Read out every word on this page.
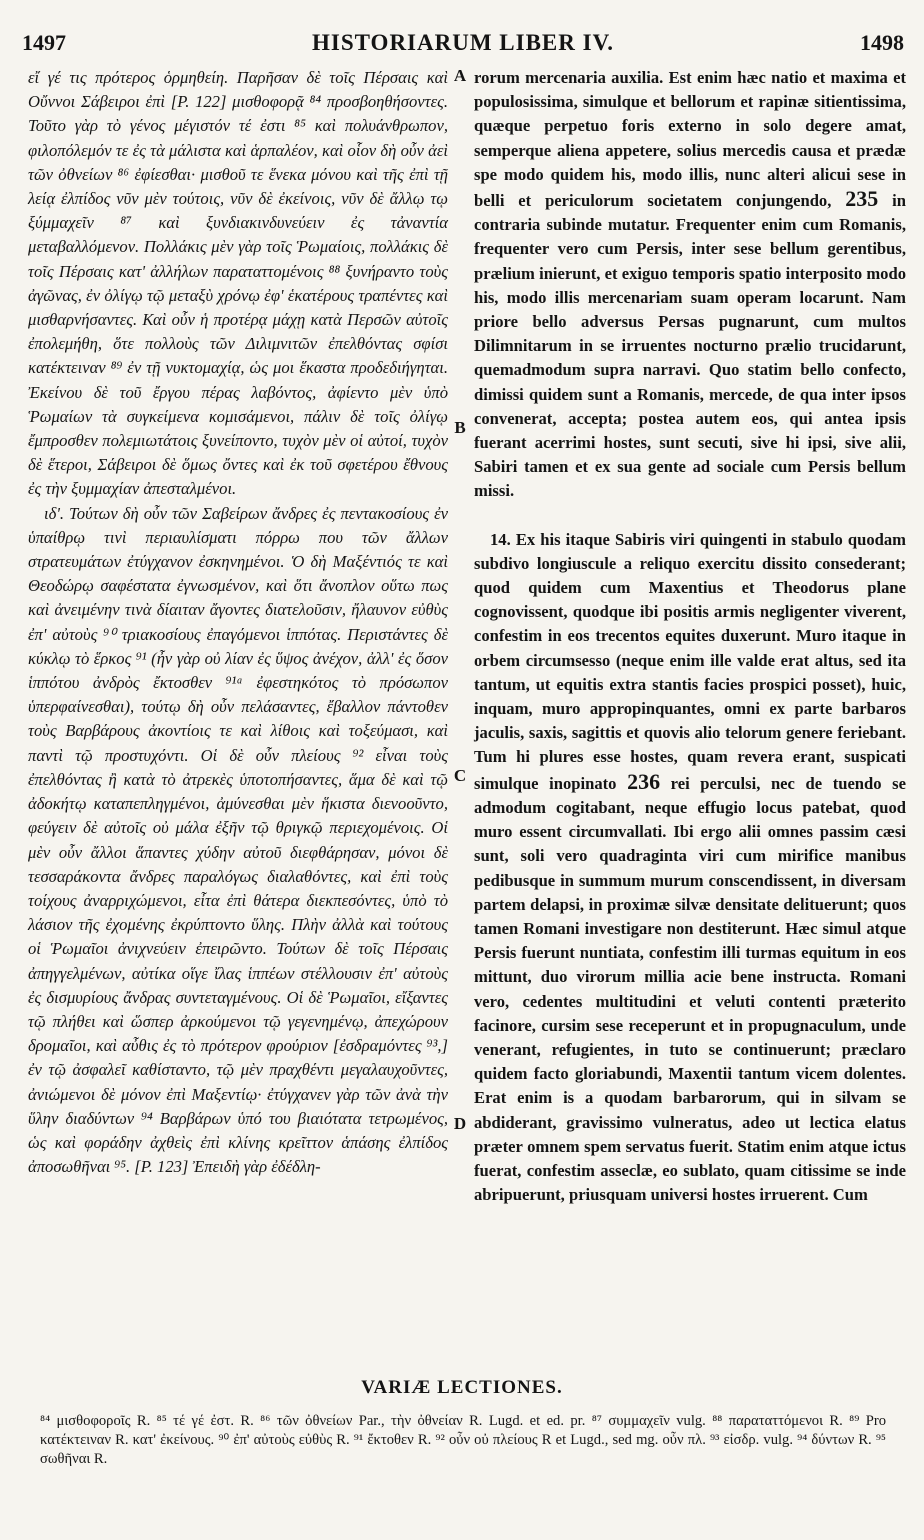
1497	HISTORIARUM LIBER IV.	1498

εἴ γέ τις πρότερος ὁρμηθείη. Παρῆσαν δὲ τοῖς Πέρσαις καὶ Οὔννοι Σάβειροι ἐπὶ [P. 122] μισθοφορᾷ ⁸⁴ προσβοηθήσοντες. Τοῦτο γὰρ τὸ γένος μέγιστόν τέ ἐστι ⁸⁵ καὶ πολυάνθρωπον, φιλοπόλεμόν τε ἐς τὰ μάλιστα καὶ ἁρπαλέον, καὶ οἷον δὴ οὖν ἀεὶ τῶν ὀθνείων ⁸⁶ ἐφίεσθαι· μισθοῦ τε ἕνεκα μόνου καὶ τῆς ἐπὶ τῇ λείᾳ ἐλπίδος νῦν μὲν τούτοις, νῦν δὲ ἐκείνοις, νῦν δὲ ἄλλῳ τῳ ξύμμαχεῖν ⁸⁷ καὶ ξυνδιακινδυνεύειν ἐς τἀναντία μεταβαλλόμενον. Πολλάκις μὲν γὰρ τοῖς Ῥωμαίοις, πολλάκις δὲ τοῖς Πέρσαις κατ' ἀλλήλων παραταττομένοις ⁸⁸ ξυνήραντο τοὺς ἀγῶνας, ἐν ὀλίγῳ τῷ μεταξὺ χρόνῳ ἐφ' ἑκατέρους τραπέντες καὶ μισθαρνήσαντες. Καὶ οὖν ἡ προτέρᾳ μάχῃ κατὰ Περσῶν αὐτοῖς ἐπολεμήθη, ὅτε πολλοὺς τῶν Διλιμνιτῶν ἐπελθόντας σφίσι κατέκτειναν ⁸⁹ ἐν τῇ νυκτομαχίᾳ, ὡς μοι ἕκαστα προδεδιήγηται. Ἐκείνου δὲ τοῦ ἔργου πέρας λαβόντος, ἀφίεντο μὲν ὑπὸ Ῥωμαίων τὰ συγκείμενα κομισάμενοι, πάλιν δὲ τοῖς ὀλίγῳ ἔμπροσθεν πολεμιωτάτοις ξυνείποντο, τυχὸν μὲν οἱ αὐτοί, τυχὸν δὲ ἕτεροι, Σάβειροι δὲ ὅμως ὄντες καὶ ἐκ τοῦ σφετέρου ἔθνους ἐς τὴν ξυμμαχίαν ἀπεσταλμένοι.

ιδʹ. Τούτων δὴ οὖν τῶν Σαβείρων ἄνδρες ἐς πεντακοσίους ἐν ὑπαίθρῳ τινὶ περιαυλίσματι πόρρω που τῶν ἄλλων στρατευμάτων ἐτύγχανον ἐσκηνημένοι. Ὁ δὴ Μαξέντιός τε καὶ Θεοδώρῳ σαφέστατα ἐγνωσμένον, καὶ ὅτι ἄνοπλον οὕτω πως καὶ ἀνειμένην τινὰ δίαιταν ἄγοντες διατελοῦσιν, ἤλαυνον εὐθὺς ἐπ' αὐτοὺς ⁹⁰ τριακοσίους ἐπαγόμενοι ἱππότας. Περιστάντες δὲ κύκλῳ τὸ ἕρκος ⁹¹ (ἦν γὰρ οὐ λίαν ἐς ὕψος ἀνέχον, ἀλλ' ἐς ὅσον ἱππότου ἀνδρὸς ἔκτοσθεν ⁹¹ᵃ ἐφεστηκότος τὸ πρόσωπον ὑπερφαίνεσθαι), τούτῳ δὴ οὖν πελάσαντες, ἔβαλλον πάντοθεν τοὺς Βαρβάρους ἀκοντίοις τε καὶ λίθοις καὶ τοξεύμασι, καὶ παντὶ τῷ προστυχόντι. Οἱ δὲ οὖν πλείους ⁹² εἶναι τοὺς ἐπελθόντας ἢ κατὰ τὸ ἀτρεκὲς ὑποτοπήσαντες, ἅμα δὲ καὶ τῷ ἀδοκήτῳ καταπεπληγμένοι, ἀμύνεσθαι μὲν ἥκιστα διενοοῦντο, φεύγειν δὲ αὐτοῖς οὐ μάλα ἐξῆν τῷ θριγκῷ περιεχομένοις. Οἱ μὲν οὖν ἄλλοι ἅπαντες χύδην αὐτοῦ διεφθάρησαν, μόνοι δὲ τεσσαράκοντα ἄνδρες παραλόγως διαλαθόντες, καὶ ἐπὶ τοὺς τοίχους ἀναρριχώμενοι, εἶτα ἐπὶ θάτερα διεκπεσόντες, ὑπὸ τὸ λάσιον τῆς ἐχομένης ἐκρύπτοντο ὕλης. Πλὴν ἀλλὰ καὶ τούτους οἱ Ῥωμαῖοι ἀνιχνεύειν ἐπειρῶντο. Τούτων δὲ τοῖς Πέρσαις ἀπηγγελμένων, αὐτίκα οἵγε ἴλας ἱππέων στέλλουσιν ἐπ' αὐτοὺς ἐς δισμυρίους ἄνδρας συντεταγμένους. Οἱ δὲ Ῥωμαῖοι, εἴξαντες τῷ πλήθει καὶ ὥσπερ ἀρκούμενοι τῷ γεγενημένῳ, ἀπεχώρουν δρομαῖοι, καὶ αὖθις ἐς τὸ πρότερον φρούριον [ἐσδραμόντες ⁹³,] ἐν τῷ ἀσφαλεῖ καθίσταντο, τῷ μὲν πραχθέντι μεγαλαυχοῦντες, ἀνιώμενοι δὲ μόνον ἐπὶ Μαξεντίῳ· ἐτύγχανεν γὰρ τῶν ἀνὰ τὴν ὕλην διαδύντων ⁹⁴ Βαρβάρων ὑπό του βιαιότατα τετρωμένος, ὡς καὶ φοράδην ἀχθεὶς ἐπὶ κλίνης κρεῖττον ἁπάσης ἐλπίδος ἀποσωθῆναι ⁹⁵. [P. 123] Ἐπειδὴ γὰρ ἐδέδλη-

A
B
C
D

rorum mercenaria auxilia. Est enim hæc natio et maxima et populosissima, simulque et bellorum et rapinæ sitientissima, quæque perpetuo foris externo in solo degere amat, semperque aliena appetere, solius mercedis causa et prædæ spe modo quidem his, modo illis, nunc alteri alicui sese in belli et periculorum societatem conjungendo, 235 in contraria subinde mutatur. Frequenter enim cum Romanis, frequenter vero cum Persis, inter sese bellum gerentibus, prælium inierunt, et exiguo temporis spatio interposito modo his, modo illis mercenariam suam operam locarunt. Nam priore bello adversus Persas pugnarunt, cum multos Dilimnitarum in se irruentes nocturno prælio trucidarunt, quemadmodum supra narravi. Quo statim bello confecto, dimissi quidem sunt a Romanis, mercede, de qua inter ipsos convenerat, accepta; postea autem eos, qui antea ipsis fuerant acerrimi hostes, sunt secuti, sive hi ipsi, sive alii, Sabiri tamen et ex sua gente ad sociale cum Persis bellum missi.

14. Ex his itaque Sabiris viri quingenti in stabulo quodam subdivo longiuscule a reliquo exercitu dissito consederant; quod quidem cum Maxentius et Theodorus plane cognovissent, quodque ibi positis armis negligenter viverent, confestim in eos trecentos equites duxerunt. Muro itaque in orbem circumsesso (neque enim ille valde erat altus, sed ita tantum, ut equitis extra stantis facies prospici posset), huic, inquam, muro appropinquantes, omni ex parte barbaros jaculis, saxis, sagittis et quovis alio telorum genere feriebant. Tum hi plures esse hostes, quam revera erant, suspicati simulque inopinato 236 rei perculsi, nec de tuendo se admodum cogitabant, neque effugio locus patebat, quod muro essent circumvallati. Ibi ergo alii omnes passim cæsi sunt, soli vero quadraginta viri cum mirifice manibus pedibusque in summum murum conscendissent, in diversam partem delapsi, in proximæ silvæ densitate delituerunt; quos tamen Romani investigare non destiterunt. Hæc simul atque Persis fuerunt nuntiata, confestim illi turmas equitum in eos mittunt, duo virorum millia acie bene instructa. Romani vero, cedentes multitudini et veluti contenti præterito facinore, cursim sese receperunt et in propugnaculum, unde venerant, refugientes, in tuto se continuerunt; præclaro quidem facto gloriabundi, Maxentii tantum vicem dolentes. Erat enim is a quodam barbarorum, qui in silvam se abdiderant, gravissimo vulneratus, adeo ut lectica elatus præter omnem spem servatus fuerit. Statim enim atque ictus fuerat, confestim asseclæ, eo sublato, quam citissime se inde abripuerunt, priusquam universi hostes irruerent. Cum

VARIÆ LECTIONES.
⁸⁴ μισθοφοροῖς R. ⁸⁵ τέ γέ ἐστ. R. ⁸⁶ τῶν ὀθνείων Par., τὴν ὀθνείαν R. Lugd. et ed. pr. ⁸⁷ συμμαχεῖν vulg. ⁸⁸ παραταττόμενοι R. ⁸⁹ Pro κατέκτειναν R. κατ' ἐκείνους. ⁹⁰ ἐπ' αὐτοὺς εὐθὺς R. ⁹¹ ἔκτοθεν R. ⁹² οὖν οὐ πλείους R et Lugd., sed mg. οὖν πλ. ⁹³ εἰσδρ. vulg. ⁹⁴ δύντων R. ⁹⁵ σωθῆναι R.
